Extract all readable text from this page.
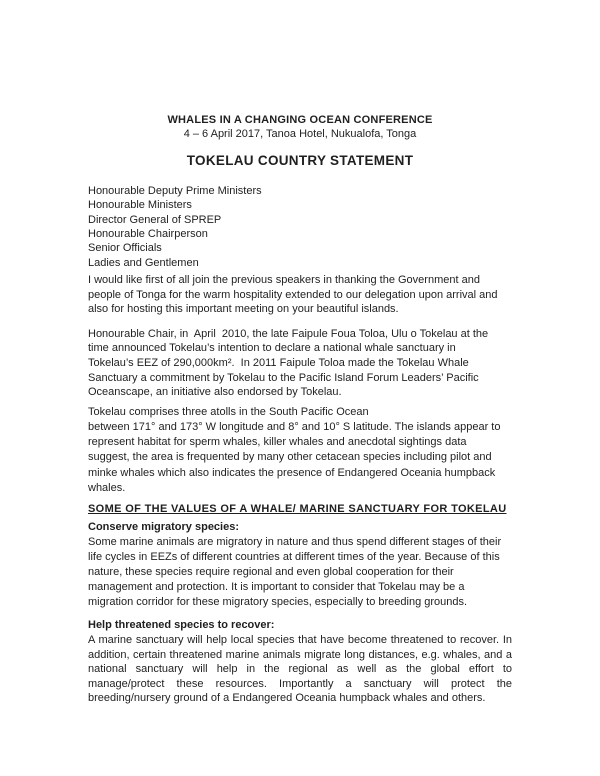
WHALES IN A CHANGING OCEAN CONFERENCE
4 – 6 April 2017, Tanoa Hotel, Nukualofa, Tonga
TOKELAU COUNTRY STATEMENT
Honourable Deputy Prime Ministers
Honourable Ministers
Director General of SPREP
Honourable Chairperson
Senior Officials
Ladies and Gentlemen
I would like first of all join the previous speakers in thanking the Government and
people of Tonga for the warm hospitality extended to our delegation upon arrival and
also for hosting this important meeting on your beautiful islands.
Honourable Chair, in  April  2010, the late Faipule Foua Toloa, Ulu o Tokelau at the
time announced Tokelau’s intention to declare a national whale sanctuary in
Tokelau’s EEZ of 290,000km².  In 2011 Faipule Toloa made the Tokelau Whale
Sanctuary a commitment by Tokelau to the Pacific Island Forum Leaders’ Pacific
Oceanscape, an initiative also endorsed by Tokelau.
Tokelau comprises three atolls in the South Pacific Ocean
between 171° and 173° W longitude and 8° and 10° S latitude. The islands appear to
represent habitat for sperm whales, killer whales and anecdotal sightings data
suggest, the area is frequented by many other cetacean species including pilot and
minke whales which also indicates the presence of Endangered Oceania humpback
whales.
SOME OF THE VALUES OF A WHALE/ MARINE SANCTUARY FOR TOKELAU
Conserve migratory species:
Some marine animals are migratory in nature and thus spend different stages of their
life cycles in EEZs of different countries at different times of the year. Because of this
nature, these species require regional and even global cooperation for their
management and protection. It is important to consider that Tokelau may be a
migration corridor for these migratory species, especially to breeding grounds.
Help threatened species to recover:
A marine sanctuary will help local species that have become threatened to recover. In addition, certain threatened marine animals migrate long distances, e.g. whales, and a national sanctuary will help in the regional as well as the global effort to manage/protect these resources. Importantly a sanctuary will protect the breeding/nursery ground of a Endangered Oceania humpback whales and others.
